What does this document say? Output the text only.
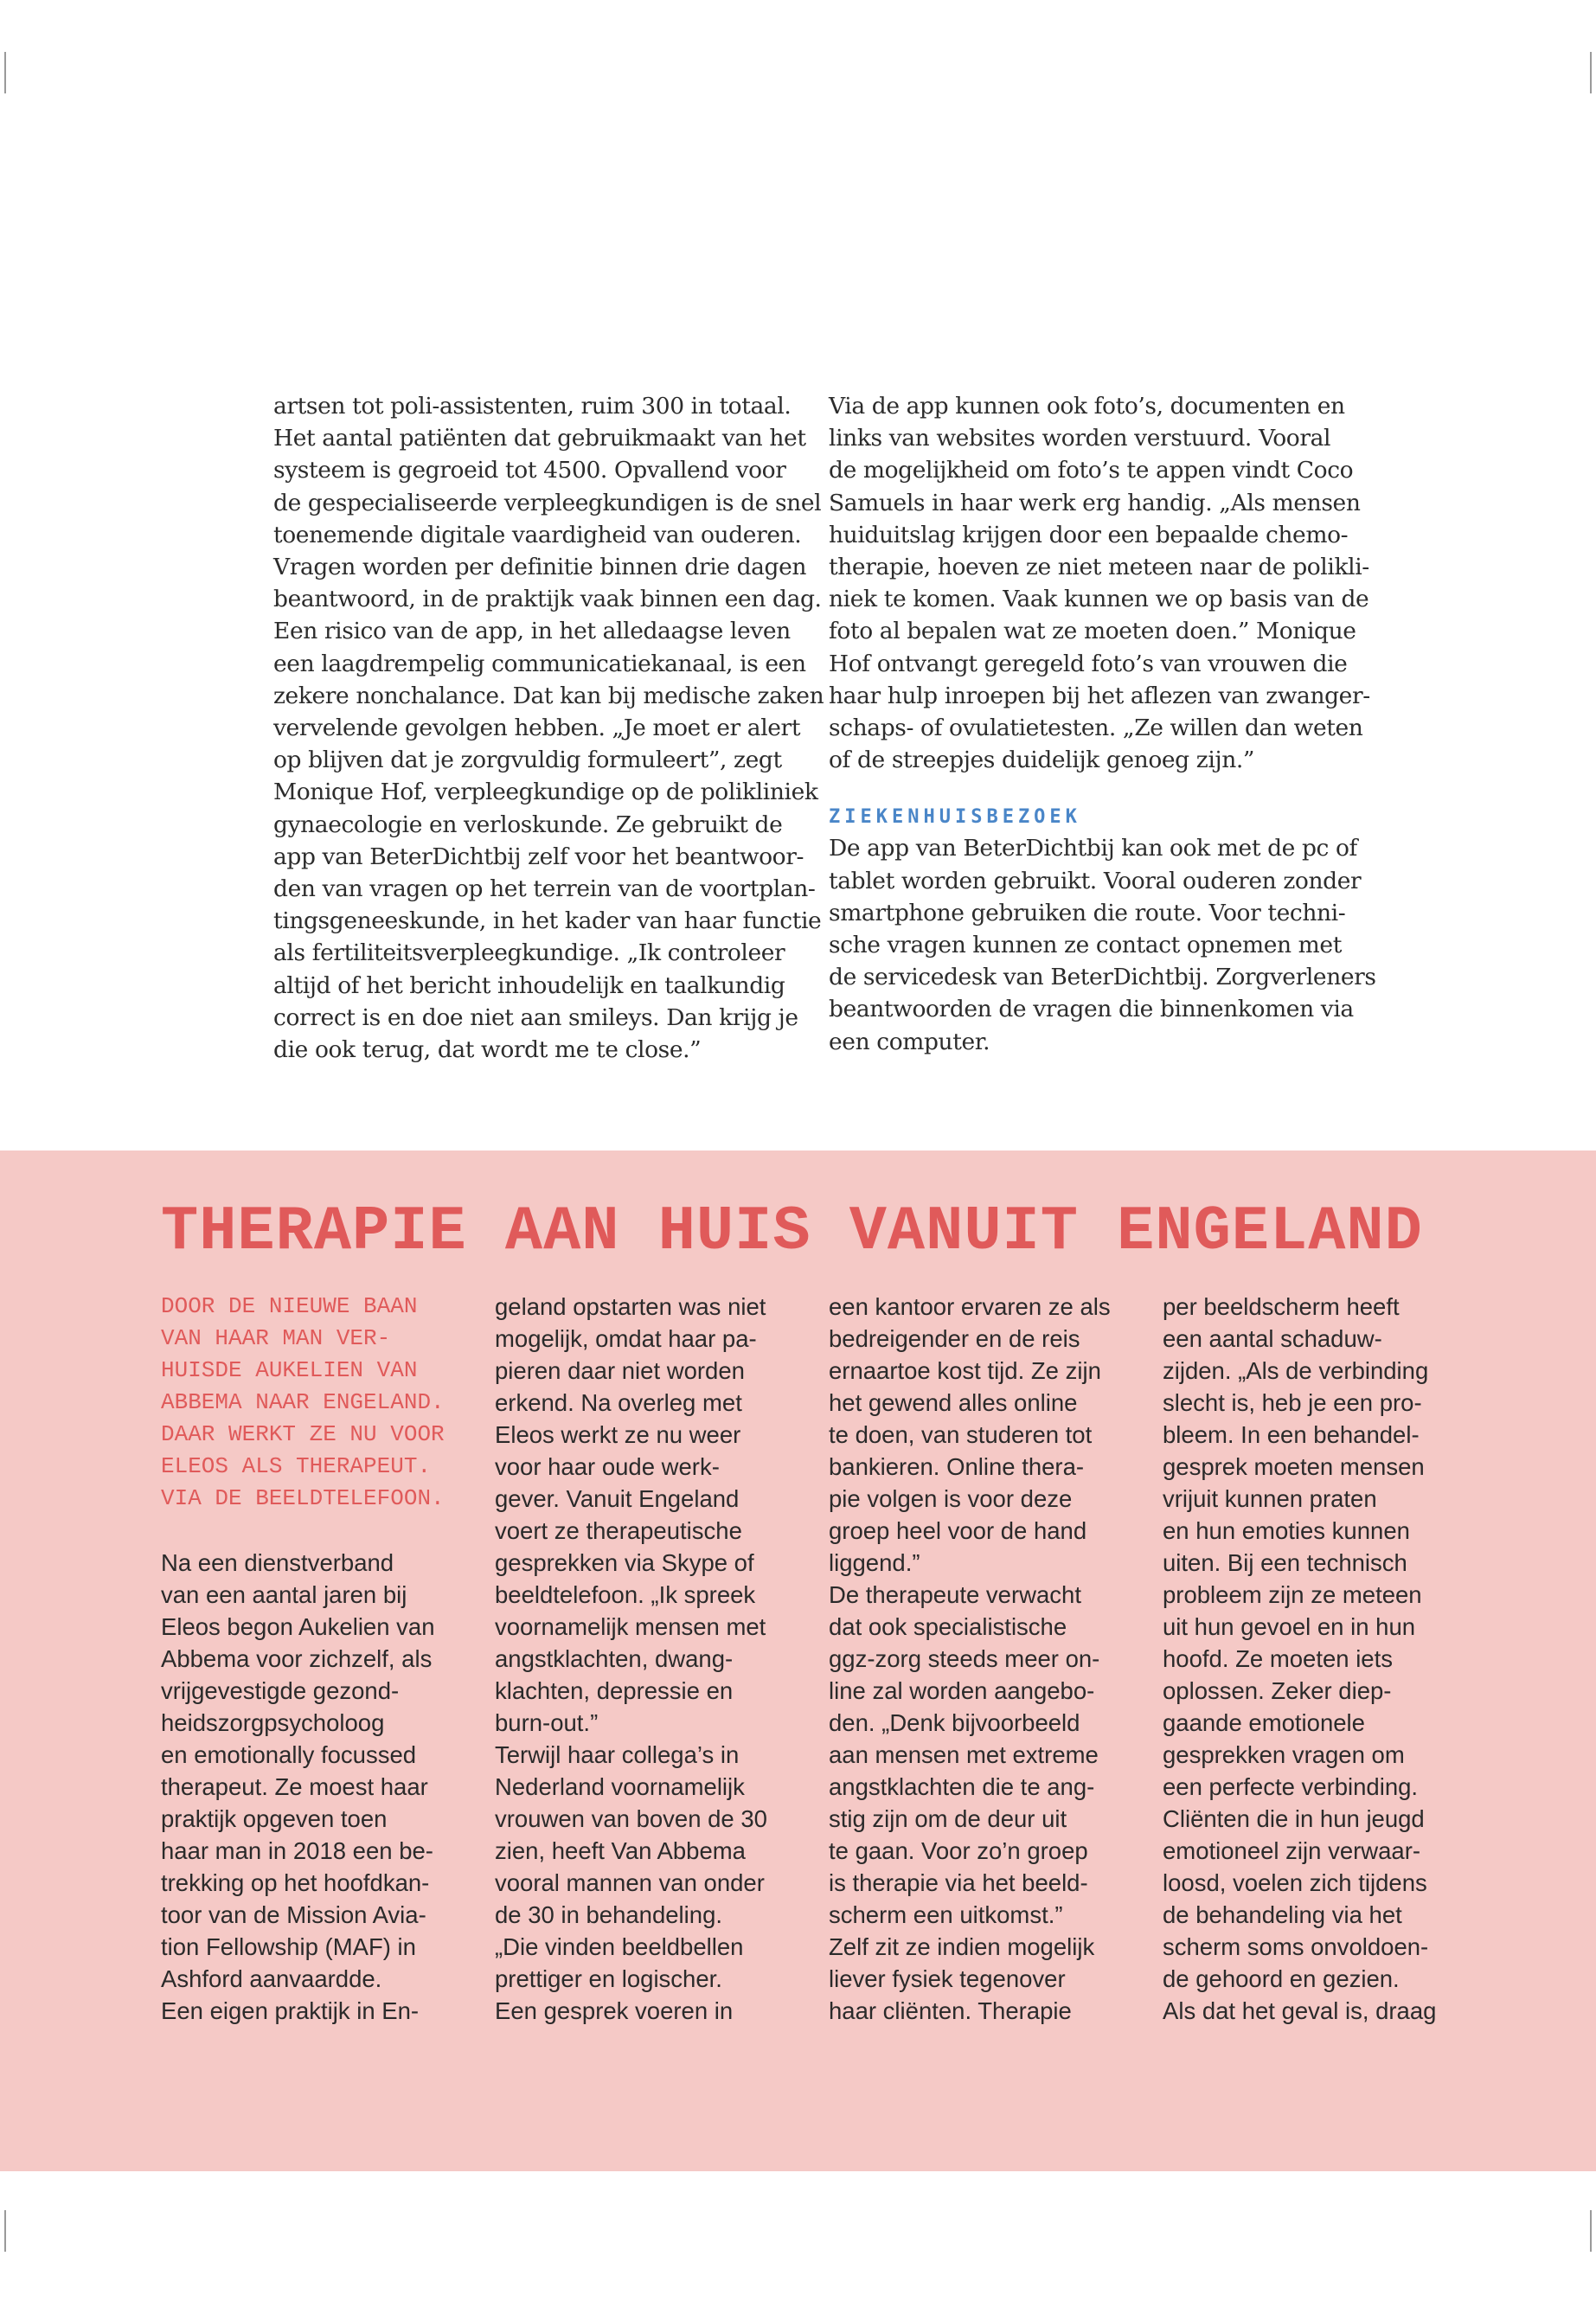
artsen tot poli-assistenten, ruim 300 in totaal.
Het aantal patiënten dat gebruikmaakt van het
systeem is gegroeid tot 4500. Opvallend voor
de gespecialiseerde verpleegkundigen is de snel
toenemende digitale vaardigheid van ouderen.
Vragen worden per definitie binnen drie dagen
beantwoord, in de praktijk vaak binnen een dag.
Een risico van de app, in het alledaagse leven
een laagdrempelig communicatiekanaal, is een
zekere nonchalance. Dat kan bij medische zaken
vervelende gevolgen hebben. „Je moet er alert
op blijven dat je zorgvuldig formuleert”, zegt
Monique Hof, verpleegkundige op de polikliniek
gynaecologie en verloskunde. Ze gebruikt de
app van BeterDichtbij zelf voor het beantwoor-
den van vragen op het terrein van de voortplan-
tingsgeneeskunde, in het kader van haar functie
als fertiliteitsverpleegkundige. „Ik controleer
altijd of het bericht inhoudelijk en taalkundig
correct is en doe niet aan smileys. Dan krijg je
die ook terug, dat wordt me te close.”
Via de app kunnen ook foto’s, documenten en
links van websites worden verstuurd. Vooral
de mogelijkheid om foto’s te appen vindt Coco
Samuels in haar werk erg handig. „Als mensen
huiduitslag krijgen door een bepaalde chemo-
therapie, hoeven ze niet meteen naar de polikli-
niek te komen. Vaak kunnen we op basis van de
foto al bepalen wat ze moeten doen.” Monique
Hof ontvangt geregeld foto’s van vrouwen die
haar hulp inroepen bij het aflezen van zwanger-
schaps- of ovulatietesten. „Ze willen dan weten
of de streepjes duidelijk genoeg zijn.”
ZIEKENHUISBEZOEK
De app van BeterDichtbij kan ook met de pc of
tablet worden gebruikt. Vooral ouderen zonder
smartphone gebruiken die route. Voor techni-
sche vragen kunnen ze contact opnemen met
de servicedesk van BeterDichtbij. Zorgverleners
beantwoorden de vragen die binnenkomen via
een computer.
THERAPIE AAN HUIS VANUIT ENGELAND
DOOR DE NIEUWE BAAN
VAN HAAR MAN VER-
HUISDE AUKELIEN VAN
ABBEMA NAAR ENGELAND.
DAAR WERKT ZE NU VOOR
ELEOS ALS THERAPEUT.
VIA DE BEELDTELEFOON.
Na een dienstverband
van een aantal jaren bij
Eleos begon Aukelien van
Abbema voor zichzelf, als
vrijgevestigde gezond-
heidszorgpsycholoog
en emotionally focussed
therapeut. Ze moest haar
praktijk opgeven toen
haar man in 2018 een be-
trekking op het hoofdkan-
toor van de Mission Avia-
tion Fellowship (MAF) in
Ashford aanvaardde.
Een eigen praktijk in En-
geland opstarten was niet
mogelijk, omdat haar pa-
pieren daar niet worden
erkend. Na overleg met
Eleos werkt ze nu weer
voor haar oude werk-
gever. Vanuit Engeland
voert ze therapeutische
gesprekken via Skype of
beeldtelefoon. „Ik spreek
voornamelijk mensen met
angstklachten, dwang-
klachten, depressie en
burn-out.”
Terwijl haar collega’s in
Nederland voornamelijk
vrouwen van boven de 30
zien, heeft Van Abbema
vooral mannen van onder
de 30 in behandeling.
„Die vinden beeldbellen
prettiger en logischer.
Een gesprek voeren in
een kantoor ervaren ze als
bedreigender en de reis
ernaartoe kost tijd. Ze zijn
het gewend alles online
te doen, van studeren tot
bankieren. Online thera-
pie volgen is voor deze
groep heel voor de hand
liggend.”
De therapeute verwacht
dat ook specialistische
ggz-zorg steeds meer on-
line zal worden aangebo-
den. „Denk bijvoorbeeld
aan mensen met extreme
angstklachten die te ang-
stig zijn om de deur uit
te gaan. Voor zo’n groep
is therapie via het beeld-
scherm een uitkomst.”
Zelf zit ze indien mogelijk
liever fysiek tegenover
haar cliënten. Therapie
per beeldscherm heeft
een aantal schaduw-
zijden. „Als de verbinding
slecht is, heb je een pro-
bleem. In een behandel-
gesprek moeten mensen
vrijuit kunnen praten
en hun emoties kunnen
uiten. Bij een technisch
probleem zijn ze meteen
uit hun gevoel en in hun
hoofd. Ze moeten iets
oplossen. Zeker diep-
gaande emotionele
gesprekken vragen om
een perfecte verbinding.
Cliënten die in hun jeugd
emotioneel zijn verwaar-
loosd, voelen zich tijdens
de behandeling via het
scherm soms onvoldoen-
de gehoord en gezien.
Als dat het geval is, draag
